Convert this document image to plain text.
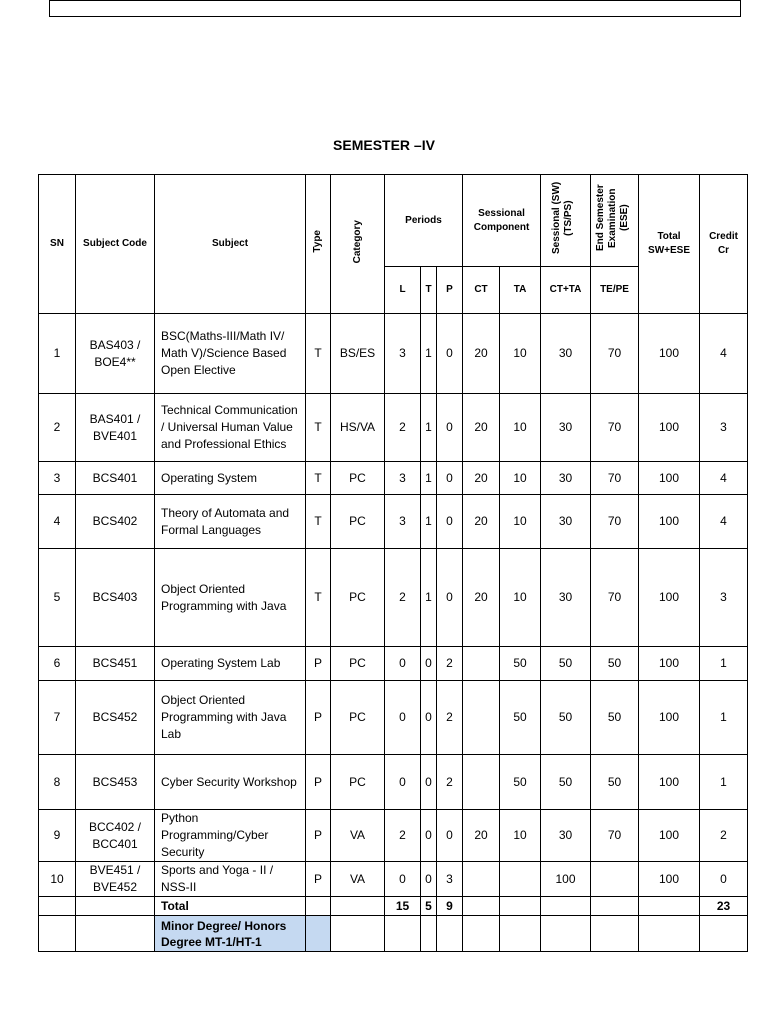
SEMESTER –IV
SN	Subject Code	Subject	Type	Category	Periods			Sessional Component		Sessional (SW) (TS/PS)	End Semester Examination (ESE)	Total SW+ESE	Credit Cr
					L	T	P	CT	TA	CT+TA	TE/PE		
1	BAS403 / BOE4**	BSC(Maths-III/Math IV/ Math V)/Science Based Open Elective	T	BS/ES	3	1	0	20	10	30	70	100	4
2	BAS401 / BVE401	Technical Communication / Universal Human Value and Professional Ethics	T	HS/VA	2	1	0	20	10	30	70	100	3
3	BCS401	Operating System	T	PC	3	1	0	20	10	30	70	100	4
4	BCS402	Theory of Automata and Formal Languages	T	PC	3	1	0	20	10	30	70	100	4
5	BCS403	Object Oriented Programming with Java	T	PC	2	1	0	20	10	30	70	100	3
6	BCS451	Operating System Lab	P	PC	0	0	2		50	50	50	100	1
7	BCS452	Object Oriented Programming with Java Lab	P	PC	0	0	2		50	50	50	100	1
8	BCS453	Cyber Security Workshop	P	PC	0	0	2		50	50	50	100	1
9	BCC402 / BCC401	Python Programming/Cyber Security	P	VA	2	0	0	20	10	30	70	100	2
10	BVE451 / BVE452	Sports and Yoga - II / NSS-II	P	VA	0	0	3			100		100	0
		Total			15	5	9						23
		Minor Degree/ Honors Degree MT-1/HT-1											
